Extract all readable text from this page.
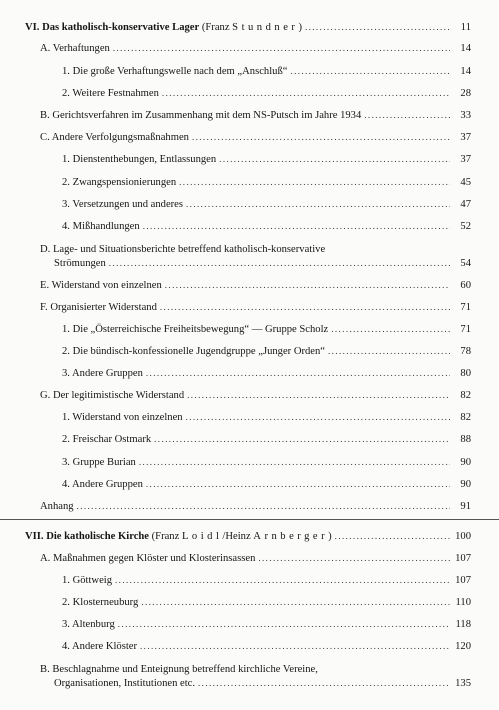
VI. Das katholisch-konservative Lager (Franz Stundner) .....	11
A. Verhaftungen .....	14
1. Die große Verhaftungswelle nach dem „Anschluß“ .....	14
2. Weitere Festnahmen .....	28
B. Gerichtsverfahren im Zusammenhang mit dem NS-Putsch im Jahre 1934 .....	33
C. Andere Verfolgungsmaßnahmen .....	37
1. Dienstenthebungen, Entlassungen .....	37
2. Zwangspensionierungen .....	45
3. Versetzungen und anderes .....	47
4. Mißhandlungen .....	52
D. Lage- und Situationsberichte betreffend katholisch-konservative
Strömungen .....	54
E. Widerstand von einzelnen .....	60
F. Organisierter Widerstand .....	71
1. Die „Österreichische Freiheitsbewegung“ — Gruppe Scholz .....	71
2. Die bündisch-konfessionelle Jugendgruppe „Junger Orden“ .....	78
3. Andere Gruppen .....	80
G. Der legitimistische Widerstand .....	82
1. Widerstand von einzelnen .....	82
2. Freischar Ostmark .....	88
3. Gruppe Burian .....	90
4. Andere Gruppen .....	90
Anhang .....	91
VII. Die katholische Kirche (Franz Loidl/Heinz Arnberger) .....	100
A. Maßnahmen gegen Klöster und Klosterinsassen .....	107
1. Göttweig .....	107
2. Klosterneuburg .....	110
3. Altenburg .....	118
4. Andere Klöster .....	120
B. Beschlagnahme und Enteignung betreffend kirchliche Vereine,
Organisationen, Institutionen etc. .....	135
